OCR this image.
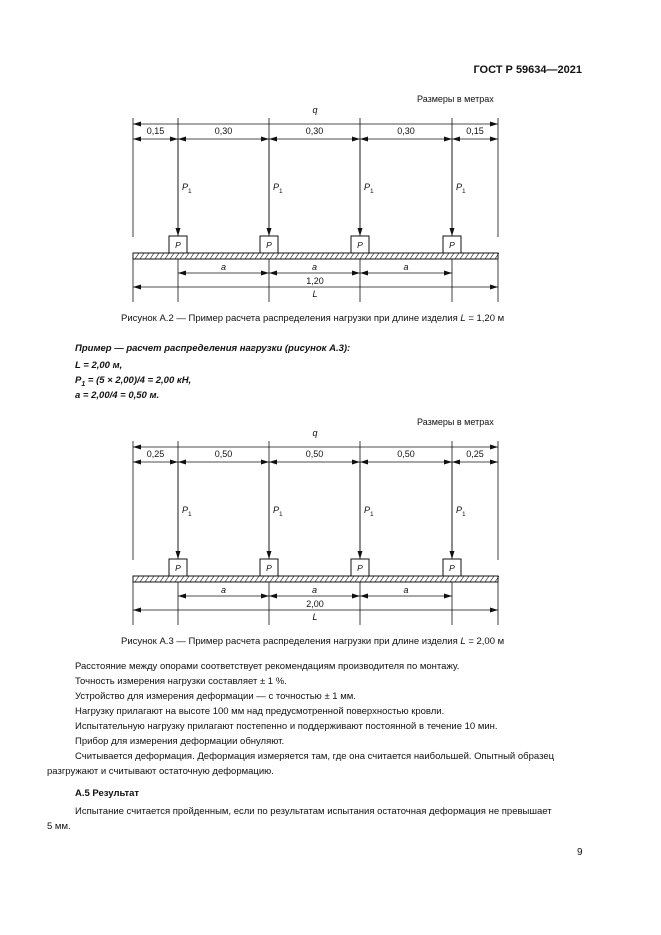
ГОСТ Р 59634—2021
Размеры в метрах
q
0,15	0,30	0,30	0,30	0,15
P 1
P
P 1
P
P 1
P
P 1
P
a	a	a
1,20
L
Рисунок А.2 — Пример расчета распределения нагрузки при длине изделия L = 1,20 м
Пример — расчет распределения нагрузки (рисунок А.3):
L = 2,00 м,
$P_1 = (5 \times 2,00)/4 = 2,00$ кН,
a = 2,00/4 = 0,50 м.
Размеры в метрах
q
0,25	0,50	0,50	0,50	0,25
P 1
P
P 1
P
P 1
P
P 1
P
a	a	a
2,00
L
Рисунок А.3 — Пример расчета распределения нагрузки при длине изделия L = 2,00 м
Расстояние между опорами соответствует рекомендациям производителя по монтажу.
Точность измерения нагрузки составляет ± 1 %.
Устройство для измерения деформации — с точностью ± 1 мм.
Нагрузку прилагают на высоте 100 мм над предусмотренной поверхностью кровли.
Испытательную нагрузку прилагают постепенно и поддерживают постоянной в течение 10 мин.
Прибор для измерения деформации обнуляют.
Считывается деформация. Деформация измеряется там, где она считается наибольшей. Опытный образец
разгружают и считывают остаточную деформацию.
А.5 Результат
Испытание считается пройденным, если по результатам испытания остаточная деформация не превышает
5 мм.
9
